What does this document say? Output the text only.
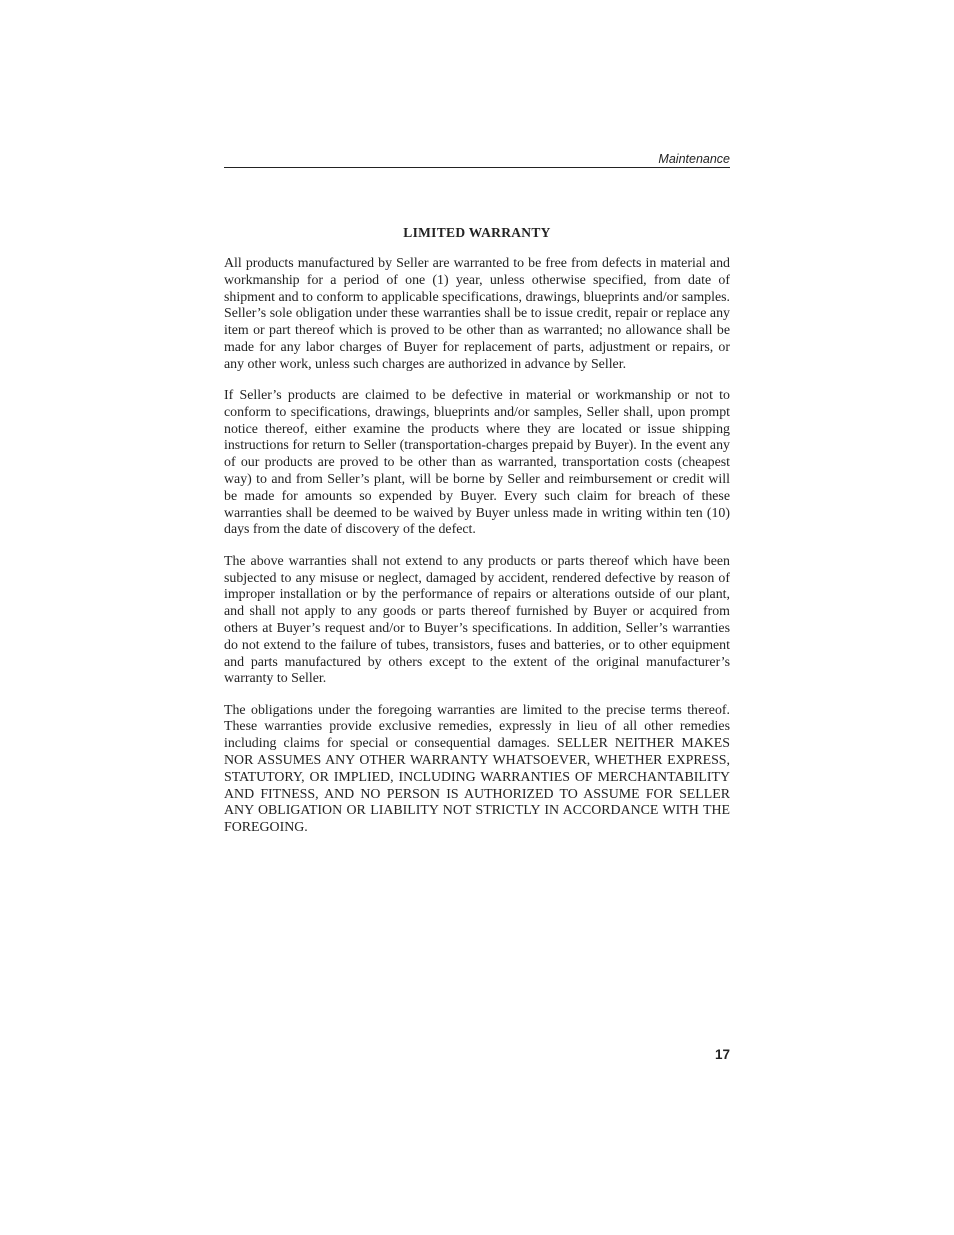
Maintenance
LIMITED WARRANTY

All products manufactured by Seller are warranted to be free from defects in material and workmanship for a period of one (1) year, unless otherwise specified, from date of shipment and to conform to applicable specifications, drawings, blueprints and/or samples. Seller’s sole obligation under these warranties shall be to issue credit, repair or replace any item or part thereof which is proved to be other than as warranted; no allowance shall be made for any labor charges of Buyer for replacement of parts, adjustment or repairs, or any other work, unless such charges are authorized in advance by Seller.

If Seller’s products are claimed to be defective in material or workmanship or not to conform to specifications, drawings, blueprints and/or samples, Seller shall, upon prompt notice thereof, either examine the products where they are located or issue shipping instructions for return to Seller (transportation-charges prepaid by Buyer). In the event any of our products are proved to be other than as warranted, transportation costs (cheapest way) to and from Seller’s plant, will be borne by Seller and reimbursement or credit will be made for amounts so expended by Buyer. Every such claim for breach of these warranties shall be deemed to be waived by Buyer unless made in writing within ten (10) days from the date of discovery of the defect.

The above warranties shall not extend to any products or parts thereof which have been subjected to any misuse or neglect, damaged by accident, rendered defective by reason of improper installation or by the performance of repairs or alterations outside of our plant, and shall not apply to any goods or parts thereof furnished by Buyer or acquired from others at Buyer’s request and/or to Buyer’s specifications. In addition, Seller’s warranties do not extend to the failure of tubes, transistors, fuses and batteries, or to other equipment and parts manufactured by others except to the extent of the original manufacturer’s warranty to Seller.

The obligations under the foregoing warranties are limited to the precise terms thereof. These warranties provide exclusive remedies, expressly in lieu of all other remedies including claims for special or consequential damages. SELLER NEITHER MAKES NOR ASSUMES ANY OTHER WARRANTY WHATSOEVER, WHETHER EXPRESS, STATUTORY, OR IMPLIED, INCLUDING WARRANTIES OF MERCHANTABILITY AND FITNESS, AND NO PERSON IS AUTHORIZED TO ASSUME FOR SELLER ANY OBLIGATION OR LIABILITY NOT STRICTLY IN ACCORDANCE WITH THE FOREGOING.

17
